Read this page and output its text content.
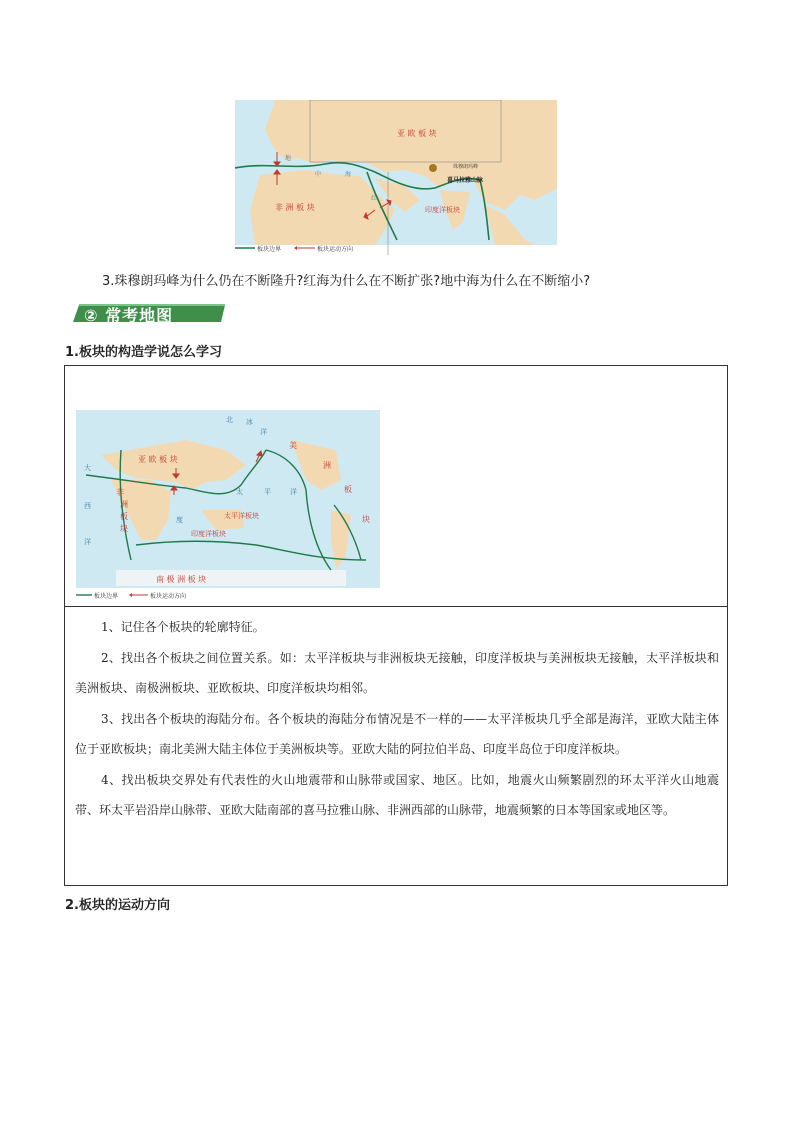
亚 欧 板 块
非 洲 板 块	印度洋板块
地
中	海
红
珠穆朗玛峰
喜马拉雅山脉
板块边界	板块运动方向
3.珠穆朗玛峰为什么仍在不断隆升?红海为什么在不断扩张?地中海为什么在不断缩小?
② 常考地图
1.板块的构造学说怎么学习
北 冰
洋
亚 欧 板 块
非
洲
板
块
美
洲
板
块
太平洋板块
印度洋板块
南 极 洲 板 块
大
西
洋
度
太	平	洋
板块边界	板块运动方向

1、记住各个板块的轮廓特征。

2、找出各个板块之间位置关系。如：太平洋板块与非洲板块无接触，印度洋板块与美洲板块无接触，太平洋板块和美洲板块、南极洲板块、亚欧板块、印度洋板块均相邻。

3、找出各个板块的海陆分布。各个板块的海陆分布情况是不一样的——太平洋板块几乎全部是海洋，亚欧大陆主体位于亚欧板块；南北美洲大陆主体位于美洲板块等。亚欧大陆的阿拉伯半岛、印度半岛位于印度洋板块。

4、找出板块交界处有代表性的火山地震带和山脉带或国家、地区。比如，地震火山频繁剧烈的环太平洋火山地震带、环太平岩沿岸山脉带、亚欧大陆南部的喜马拉雅山脉、非洲西部的山脉带，地震频繁的日本等国家或地区等。

2.板块的运动方向
